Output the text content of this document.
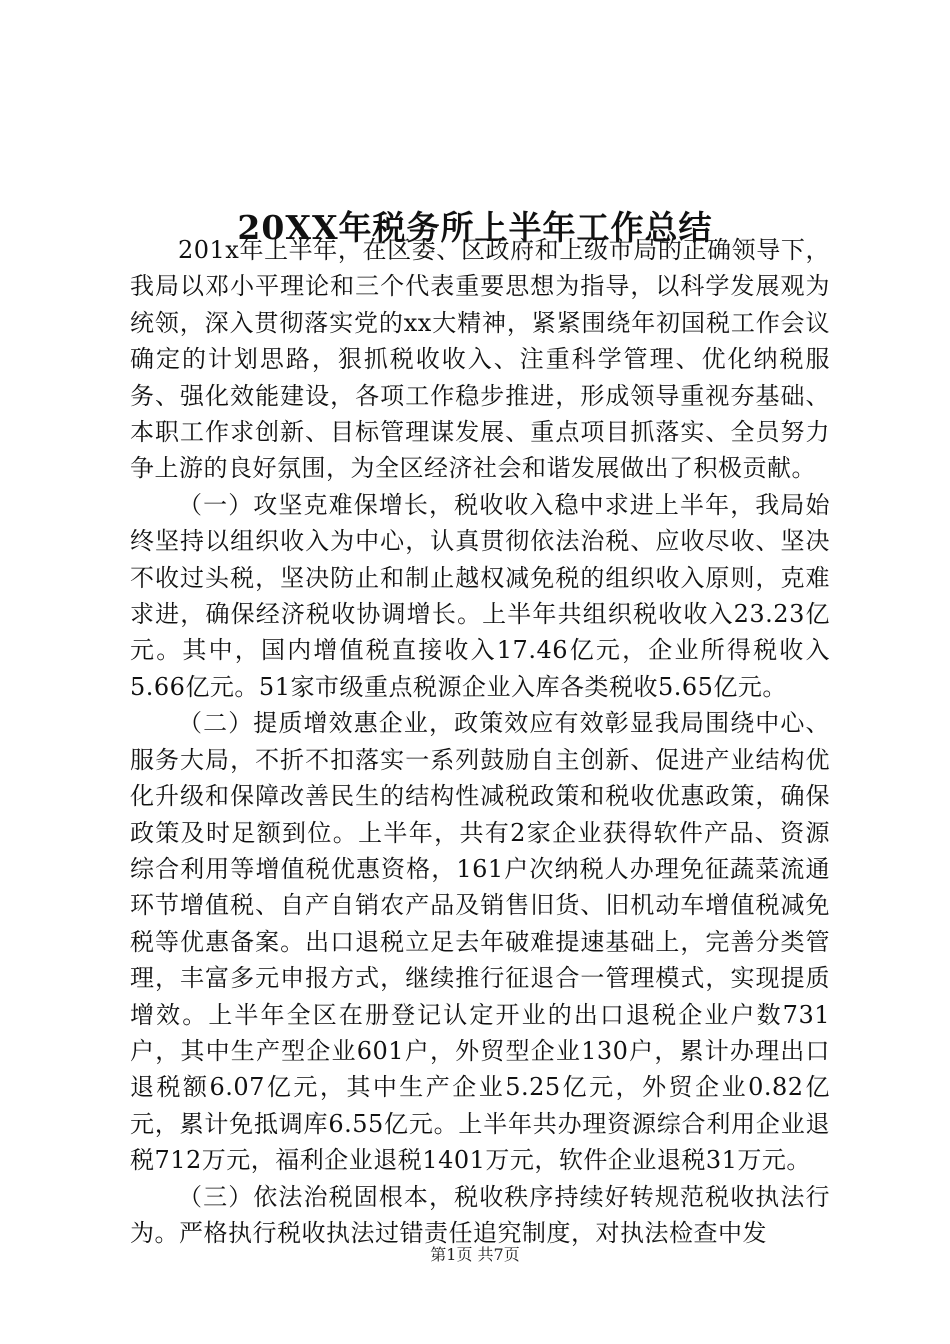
20XX年税务所上半年工作总结

201x年上半年，在区委、区政府和上级市局的正确领导下，我局以邓小平理论和三个代表重要思想为指导，以科学发展观为统领，深入贯彻落实党的xx大精神，紧紧围绕年初国税工作会议确定的计划思路，狠抓税收收入、注重科学管理、优化纳税服务、强化效能建设，各项工作稳步推进，形成领导重视夯基础、本职工作求创新、目标管理谋发展、重点项目抓落实、全员努力争上游的良好氛围，为全区经济社会和谐发展做出了积极贡献。

（一）攻坚克难保增长，税收收入稳中求进上半年，我局始终坚持以组织收入为中心，认真贯彻依法治税、应收尽收、坚决不收过头税，坚决防止和制止越权减免税的组织收入原则，克难求进，确保经济税收协调增长。上半年共组织税收收入23.23亿元。其中，国内增值税直接收入17.46亿元，企业所得税收入5.66亿元。51家市级重点税源企业入库各类税收5.65亿元。

（二）提质增效惠企业，政策效应有效彰显我局围绕中心、服务大局，不折不扣落实一系列鼓励自主创新、促进产业结构优化升级和保障改善民生的结构性减税政策和税收优惠政策，确保政策及时足额到位。上半年，共有2家企业获得软件产品、资源综合利用等增值税优惠资格，161户次纳税人办理免征蔬菜流通环节增值税、自产自销农产品及销售旧货、旧机动车增值税减免税等优惠备案。出口退税立足去年破难提速基础上，完善分类管理，丰富多元申报方式，继续推行征退合一管理模式，实现提质增效。上半年全区在册登记认定开业的出口退税企业户数731户，其中生产型企业601户，外贸型企业130户，累计办理出口退税额6.07亿元，其中生产企业5.25亿元，外贸企业0.82亿元，累计免抵调库6.55亿元。上半年共办理资源综合利用企业退税712万元，福利企业退税1401万元，软件企业退税31万元。

（三）依法治税固根本，税收秩序持续好转规范税收执法行为。严格执行税收执法过错责任追究制度，对执法检查中发

第1页 共7页
